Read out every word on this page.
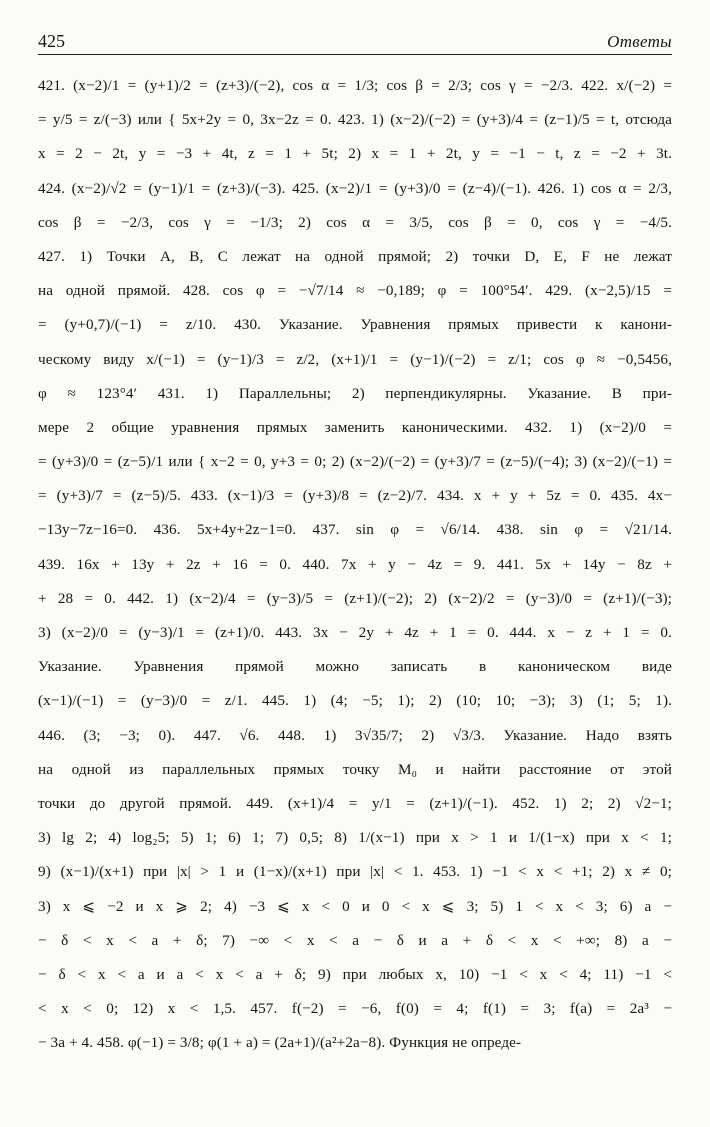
425	Ответы
421. (x−2)/1 = (y+1)/2 = (z+3)/(−2), cos α = 1/3; cos β = 2/3; cos γ = −2/3. 422. x/(−2) =
= y/5 = z/(−3) или { 5x+2y = 0, 3x−2z = 0. 423. 1) (x−2)/(−2) = (y+3)/4 = (z−1)/5 = t, отсюда
x = 2 − 2t, y = −3 + 4t, z = 1 + 5t; 2) x = 1 + 2t, y = −1 − t, z = −2 + 3t.
424. (x−2)/√2 = (y−1)/1 = (z+3)/(−3). 425. (x−2)/1 = (y+3)/0 = (z−4)/(−1). 426. 1) cos α = 2/3,
cos β = −2/3, cos γ = −1/3; 2) cos α = 3/5, cos β = 0, cos γ = −4/5.
427. 1) Точки A, B, C лежат на одной прямой; 2) точки D, E, F не лежат
на одной прямой. 428. cos φ = −√7/14 ≈ −0,189; φ = 100°54′. 429. (x−2,5)/15 =
= (y+0,7)/(−1) = z/10. 430. Указание. Уравнения прямых привести к канони-
ческому виду x/(−1) = (y−1)/3 = z/2, (x+1)/1 = (y−1)/(−2) = z/1; cos φ ≈ −0,5456,
φ ≈ 123°4′ 431. 1) Параллельны; 2) перпендикулярны. Указание. В при-
мере 2 общие уравнения прямых заменить каноническими. 432. 1) (x−2)/0 =
= (y+3)/0 = (z−5)/1 или { x−2 = 0, y+3 = 0; 2) (x−2)/(−2) = (y+3)/7 = (z−5)/(−4); 3) (x−2)/(−1) =
= (y+3)/7 = (z−5)/5. 433. (x−1)/3 = (y+3)/8 = (z−2)/7. 434. x + y + 5z = 0. 435. 4x−
−13y−7z−16=0. 436. 5x+4y+2z−1=0. 437. sin φ = √6/14. 438. sin φ = √21/14.
439. 16x + 13y + 2z + 16 = 0. 440. 7x + y − 4z = 9. 441. 5x + 14y − 8z +
+ 28 = 0. 442. 1) (x−2)/4 = (y−3)/5 = (z+1)/(−2); 2) (x−2)/2 = (y−3)/0 = (z+1)/(−3);
3) (x−2)/0 = (y−3)/1 = (z+1)/0. 443. 3x − 2y + 4z + 1 = 0. 444. x − z + 1 = 0.
Указание. Уравнения прямой можно записать в каноническом виде
(x−1)/(−1) = (y−3)/0 = z/1. 445. 1) (4; −5; 1); 2) (10; 10; −3); 3) (1; 5; 1).
446. (3; −3; 0). 447. √6. 448. 1) 3√35/7; 2) √3/3. Указание. Надо взять
на одной из параллельных прямых точку M₀ и найти расстояние от этой
точки до другой прямой. 449. (x+1)/4 = y/1 = (z+1)/(−1). 452. 1) 2; 2) √2−1;
3) lg 2; 4) log₂5; 5) 1; 6) 1; 7) 0,5; 8) 1/(x−1) при x > 1 и 1/(1−x) при x < 1;
9) (x−1)/(x+1) при |x| > 1 и (1−x)/(x+1) при |x| < 1. 453. 1) −1 < x < +1; 2) x ≠ 0;
3) x ⩽ −2 и x ⩾ 2; 4) −3 ⩽ x < 0 и 0 < x ⩽ 3; 5) 1 < x < 3; 6) a −
− δ < x < a + δ; 7) −∞ < x < a − δ и a + δ < x < +∞; 8) a −
− δ < x < a и a < x < a + δ; 9) при любых x, 10) −1 < x < 4; 11) −1 <
< x < 0; 12) x < 1,5. 457. f(−2) = −6, f(0) = 4; f(1) = 3; f(a) = 2a³ −
− 3a + 4. 458. φ(−1) = 3/8; φ(1 + a) = (2a+1)/(a²+2a−8). Функция не опреде-
